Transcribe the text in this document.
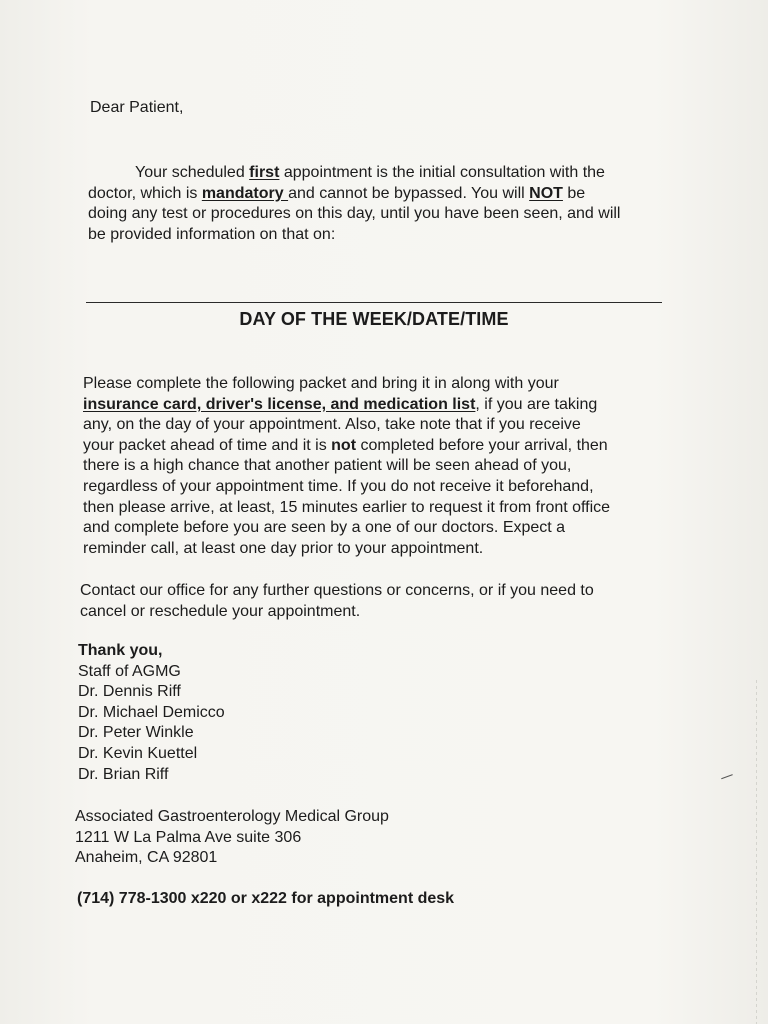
Dear Patient,

Your scheduled first appointment is the initial consultation with the
doctor, which is mandatory and cannot be bypassed. You will NOT be
doing any test or procedures on this day, until you have been seen, and will
be provided information on that on:

DAY OF THE WEEK/DATE/TIME

Please complete the following packet and bring it in along with your
insurance card, driver's license, and medication list, if you are taking
any, on the day of your appointment. Also, take note that if you receive
your packet ahead of time and it is not completed before your arrival, then
there is a high chance that another patient will be seen ahead of you,
regardless of your appointment time. If you do not receive it beforehand,
then please arrive, at least, 15 minutes earlier to request it from front office
and complete before you are seen by a one of our doctors. Expect a
reminder call, at least one day prior to your appointment.

Contact our office for any further questions or concerns, or if you need to
cancel or reschedule your appointment.

Thank you,
Staff of AGMG
Dr. Dennis Riff
Dr. Michael Demicco
Dr. Peter Winkle
Dr. Kevin Kuettel
Dr. Brian Riff

Associated Gastroenterology Medical Group
1211 W La Palma Ave suite 306
Anaheim, CA 92801

(714) 778-1300 x220 or x222 for appointment desk
